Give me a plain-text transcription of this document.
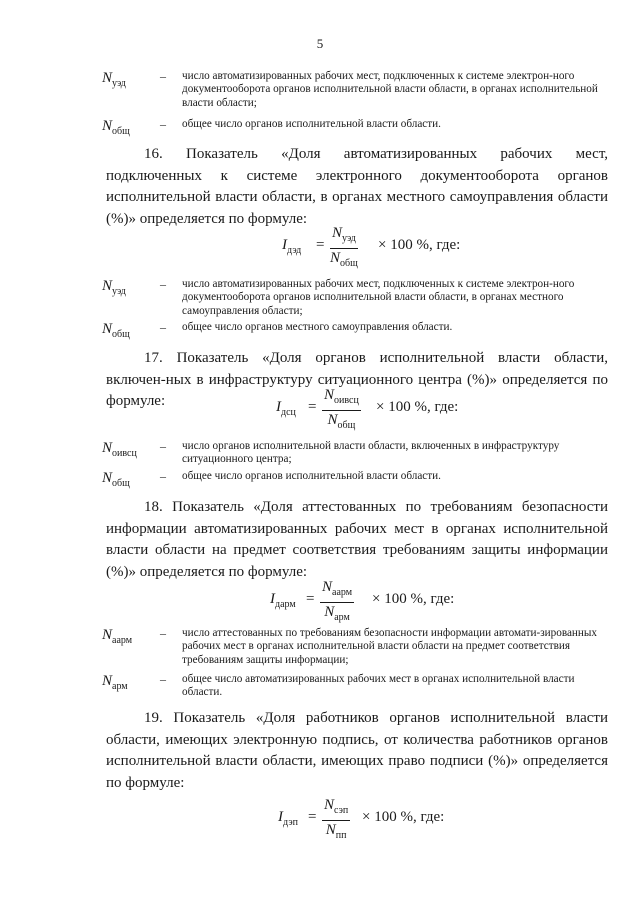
5
$N_{уэд}$
– число автоматизированных рабочих мест, подключенных к системе электрон-ного документооборота органов исполнительной власти области, в органах исполнительной власти области;
$N_{общ}$
– общее число органов исполнительной власти области.
16. Показатель «Доля автоматизированных рабочих мест, подключенных к системе электронного документооборота органов исполнительной власти области, в органах местного самоуправления области (%)» определяется по формуле:
$I_{дэд}$ =
$N_{уэд}$
$N_{общ}$
× 100 %, где:
$N_{уэд}$
– число автоматизированных рабочих мест, подключенных к системе электрон-ного документооборота органов исполнительной власти области, в органах местного самоуправления области;
$N_{общ}$
– общее число органов местного самоуправления области.
17. Показатель «Доля органов исполнительной власти области, включен-ных в инфраструктуру ситуационного центра (%)» определяется по формуле:	$I_{дсц}$ =
$N_{оивсц}$
$N_{общ}$
× 100 %, где:
$N_{оивсц}$
– число органов исполнительной власти области, включенных в инфраструктуру ситуационного центра;
$N_{общ}$
– общее число органов исполнительной власти области.
18. Показатель «Доля аттестованных по требованиям безопасности информации автоматизированных рабочих мест в органах исполнительной власти области на предмет соответствия требованиям защиты информации (%)» определяется по формуле:
$I_{дарм}$ =
$N_{аарм}$
$N_{арм}$
× 100 %, где:
$N_{аарм}$
– число аттестованных по требованиям безопасности информации автомати-зированных рабочих мест в органах исполнительной власти области на предмет соответствия требованиям защиты информации;
$N_{арм}$
– общее число автоматизированных рабочих мест в органах исполнительной власти области.
19. Показатель «Доля работников органов исполнительной власти области, имеющих электронную подпись, от количества работников органов исполнительной власти области, имеющих право подписи (%)» определяется по формуле:
$I_{дэп}$ =
$N_{сэп}$
$N_{пп}$
× 100 %, где:
